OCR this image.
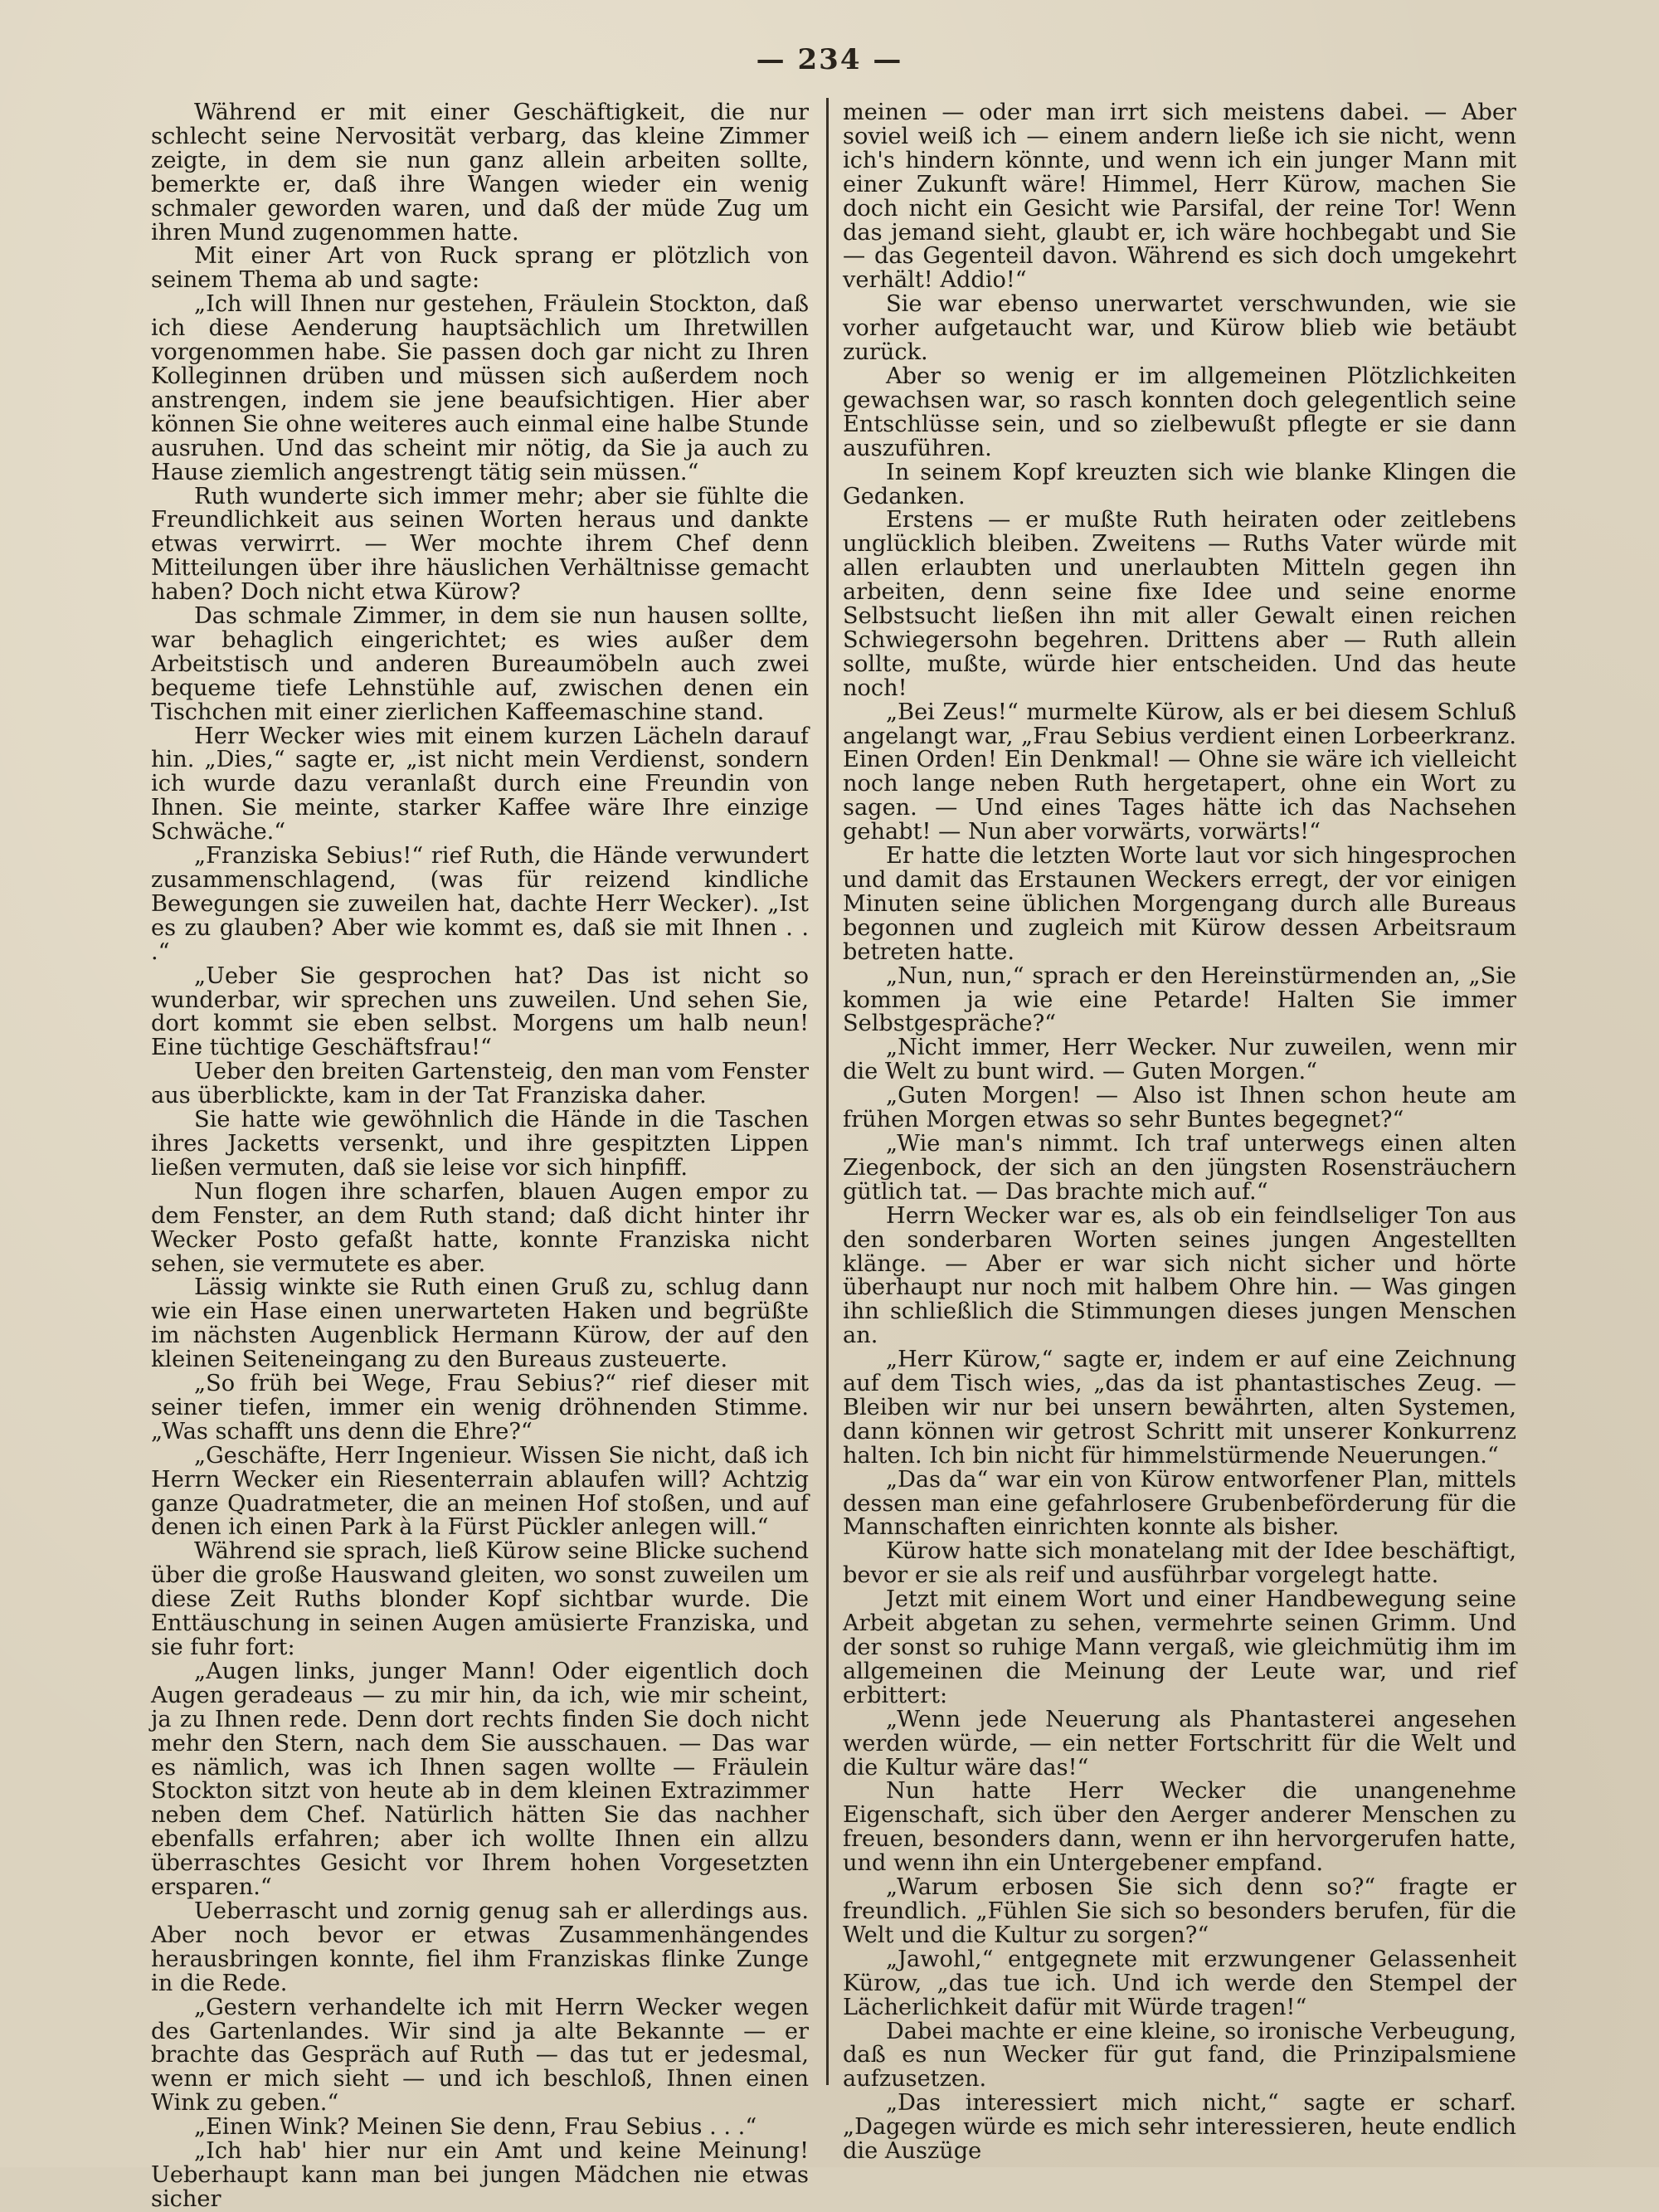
— 234 —

Während er mit einer Geschäftigkeit, die nur schlecht seine Nervosität verbarg, das kleine Zimmer zeigte, in dem sie nun ganz allein arbeiten sollte, bemerkte er, daß ihre Wangen wieder ein wenig schmaler geworden waren, und daß der müde Zug um ihren Mund zugenommen hatte.

Mit einer Art von Ruck sprang er plötzlich von seinem Thema ab und sagte:

„Ich will Ihnen nur gestehen, Fräulein Stockton, daß ich diese Aenderung hauptsächlich um Ihretwillen vorgenommen habe. Sie passen doch gar nicht zu Ihren Kolleginnen drüben und müssen sich außerdem noch anstrengen, indem sie jene beaufsichtigen. Hier aber können Sie ohne weiteres auch einmal eine halbe Stunde ausruhen. Und das scheint mir nötig, da Sie ja auch zu Hause ziemlich angestrengt tätig sein müssen.“

Ruth wunderte sich immer mehr; aber sie fühlte die Freundlichkeit aus seinen Worten heraus und dankte etwas verwirrt. — Wer mochte ihrem Chef denn Mitteilungen über ihre häuslichen Verhältnisse gemacht haben? Doch nicht etwa Kürow?

Das schmale Zimmer, in dem sie nun hausen sollte, war behaglich eingerichtet; es wies außer dem Arbeitstisch und anderen Bureaumöbeln auch zwei bequeme tiefe Lehnstühle auf, zwischen denen ein Tischchen mit einer zierlichen Kaffeemaschine stand.

Herr Wecker wies mit einem kurzen Lächeln darauf hin. „Dies,“ sagte er, „ist nicht mein Verdienst, sondern ich wurde dazu veranlaßt durch eine Freundin von Ihnen. Sie meinte, starker Kaffee wäre Ihre einzige Schwäche.“

„Franziska Sebius!“ rief Ruth, die Hände verwundert zusammenschlagend, (was für reizend kindliche Bewegungen sie zuweilen hat, dachte Herr Wecker). „Ist es zu glauben? Aber wie kommt es, daß sie mit Ihnen . . .“

„Ueber Sie gesprochen hat? Das ist nicht so wunderbar, wir sprechen uns zuweilen. Und sehen Sie, dort kommt sie eben selbst. Morgens um halb neun! Eine tüchtige Geschäftsfrau!“

Ueber den breiten Gartensteig, den man vom Fenster aus überblickte, kam in der Tat Franziska daher.

Sie hatte wie gewöhnlich die Hände in die Taschen ihres Jacketts versenkt, und ihre gespitzten Lippen ließen vermuten, daß sie leise vor sich hinpfiff.

Nun flogen ihre scharfen, blauen Augen empor zu dem Fenster, an dem Ruth stand; daß dicht hinter ihr Wecker Posto gefaßt hatte, konnte Franziska nicht sehen, sie vermutete es aber.

Lässig winkte sie Ruth einen Gruß zu, schlug dann wie ein Hase einen unerwarteten Haken und begrüßte im nächsten Augenblick Hermann Kürow, der auf den kleinen Seiteneingang zu den Bureaus zusteuerte.

„So früh bei Wege, Frau Sebius?“ rief dieser mit seiner tiefen, immer ein wenig dröhnenden Stimme. „Was schafft uns denn die Ehre?“

„Geschäfte, Herr Ingenieur. Wissen Sie nicht, daß ich Herrn Wecker ein Riesenterrain ablaufen will? Achtzig ganze Quadratmeter, die an meinen Hof stoßen, und auf denen ich einen Park à la Fürst Pückler anlegen will.“

Während sie sprach, ließ Kürow seine Blicke suchend über die große Hauswand gleiten, wo sonst zuweilen um diese Zeit Ruths blonder Kopf sichtbar wurde. Die Enttäuschung in seinen Augen amüsierte Franziska, und sie fuhr fort:

„Augen links, junger Mann! Oder eigentlich doch Augen geradeaus — zu mir hin, da ich, wie mir scheint, ja zu Ihnen rede. Denn dort rechts finden Sie doch nicht mehr den Stern, nach dem Sie ausschauen. — Das war es nämlich, was ich Ihnen sagen wollte — Fräulein Stockton sitzt von heute ab in dem kleinen Extrazimmer neben dem Chef. Natürlich hätten Sie das nachher ebenfalls erfahren; aber ich wollte Ihnen ein allzu überraschtes Gesicht vor Ihrem hohen Vorgesetzten ersparen.“

Ueberrascht und zornig genug sah er allerdings aus. Aber noch bevor er etwas Zusammenhängendes herausbringen konnte, fiel ihm Franziskas flinke Zunge in die Rede.

„Gestern verhandelte ich mit Herrn Wecker wegen des Gartenlandes. Wir sind ja alte Bekannte — er brachte das Gespräch auf Ruth — das tut er jedesmal, wenn er mich sieht — und ich beschloß, Ihnen einen Wink zu geben.“

„Einen Wink? Meinen Sie denn, Frau Sebius . . .“

„Ich hab' hier nur ein Amt und keine Meinung! Ueberhaupt kann man bei jungen Mädchen nie etwas sicher

meinen — oder man irrt sich meistens dabei. — Aber soviel weiß ich — einem andern ließe ich sie nicht, wenn ich's hindern könnte, und wenn ich ein junger Mann mit einer Zukunft wäre! Himmel, Herr Kürow, machen Sie doch nicht ein Gesicht wie Parsifal, der reine Tor! Wenn das jemand sieht, glaubt er, ich wäre hochbegabt und Sie — das Gegenteil davon. Während es sich doch umgekehrt verhält! Addio!“

Sie war ebenso unerwartet verschwunden, wie sie vorher aufgetaucht war, und Kürow blieb wie betäubt zurück.

Aber so wenig er im allgemeinen Plötzlichkeiten gewachsen war, so rasch konnten doch gelegentlich seine Entschlüsse sein, und so zielbewußt pflegte er sie dann auszuführen.

In seinem Kopf kreuzten sich wie blanke Klingen die Gedanken.

Erstens — er mußte Ruth heiraten oder zeitlebens unglücklich bleiben. Zweitens — Ruths Vater würde mit allen erlaubten und unerlaubten Mitteln gegen ihn arbeiten, denn seine fixe Idee und seine enorme Selbstsucht ließen ihn mit aller Gewalt einen reichen Schwiegersohn begehren. Drittens aber — Ruth allein sollte, mußte, würde hier entscheiden. Und das heute noch!

„Bei Zeus!“ murmelte Kürow, als er bei diesem Schluß angelangt war, „Frau Sebius verdient einen Lorbeerkranz. Einen Orden! Ein Denkmal! — Ohne sie wäre ich vielleicht noch lange neben Ruth hergetapert, ohne ein Wort zu sagen. — Und eines Tages hätte ich das Nachsehen gehabt! — Nun aber vorwärts, vorwärts!“

Er hatte die letzten Worte laut vor sich hingesprochen und damit das Erstaunen Weckers erregt, der vor einigen Minuten seine üblichen Morgengang durch alle Bureaus begonnen und zugleich mit Kürow dessen Arbeitsraum betreten hatte.

„Nun, nun,“ sprach er den Hereinstürmenden an, „Sie kommen ja wie eine Petarde! Halten Sie immer Selbstgespräche?“

„Nicht immer, Herr Wecker. Nur zuweilen, wenn mir die Welt zu bunt wird. — Guten Morgen.“

„Guten Morgen! — Also ist Ihnen schon heute am frühen Morgen etwas so sehr Buntes begegnet?“

„Wie man's nimmt. Ich traf unterwegs einen alten Ziegenbock, der sich an den jüngsten Rosensträuchern gütlich tat. — Das brachte mich auf.“

Herrn Wecker war es, als ob ein feindlseliger Ton aus den sonderbaren Worten seines jungen Angestellten klänge. — Aber er war sich nicht sicher und hörte überhaupt nur noch mit halbem Ohre hin. — Was gingen ihn schließlich die Stimmungen dieses jungen Menschen an.

„Herr Kürow,“ sagte er, indem er auf eine Zeichnung auf dem Tisch wies, „das da ist phantastisches Zeug. — Bleiben wir nur bei unsern bewährten, alten Systemen, dann können wir getrost Schritt mit unserer Konkurrenz halten. Ich bin nicht für himmelstürmende Neuerungen.“

„Das da“ war ein von Kürow entworfener Plan, mittels dessen man eine gefahrlosere Grubenbeförderung für die Mannschaften einrichten konnte als bisher.

Kürow hatte sich monatelang mit der Idee beschäftigt, bevor er sie als reif und ausführbar vorgelegt hatte.

Jetzt mit einem Wort und einer Handbewegung seine Arbeit abgetan zu sehen, vermehrte seinen Grimm. Und der sonst so ruhige Mann vergaß, wie gleichmütig ihm im allgemeinen die Meinung der Leute war, und rief erbittert:

„Wenn jede Neuerung als Phantasterei angesehen werden würde, — ein netter Fortschritt für die Welt und die Kultur wäre das!“

Nun hatte Herr Wecker die unangenehme Eigenschaft, sich über den Aerger anderer Menschen zu freuen, besonders dann, wenn er ihn hervorgerufen hatte, und wenn ihn ein Untergebener empfand.

„Warum erbosen Sie sich denn so?“ fragte er freundlich. „Fühlen Sie sich so besonders berufen, für die Welt und die Kultur zu sorgen?“

„Jawohl,“ entgegnete mit erzwungener Gelassenheit Kürow, „das tue ich. Und ich werde den Stempel der Lächerlichkeit dafür mit Würde tragen!“

Dabei machte er eine kleine, so ironische Verbeugung, daß es nun Wecker für gut fand, die Prinzipalsmiene aufzusetzen.

„Das interessiert mich nicht,“ sagte er scharf. „Dagegen würde es mich sehr interessieren, heute endlich die Auszüge
